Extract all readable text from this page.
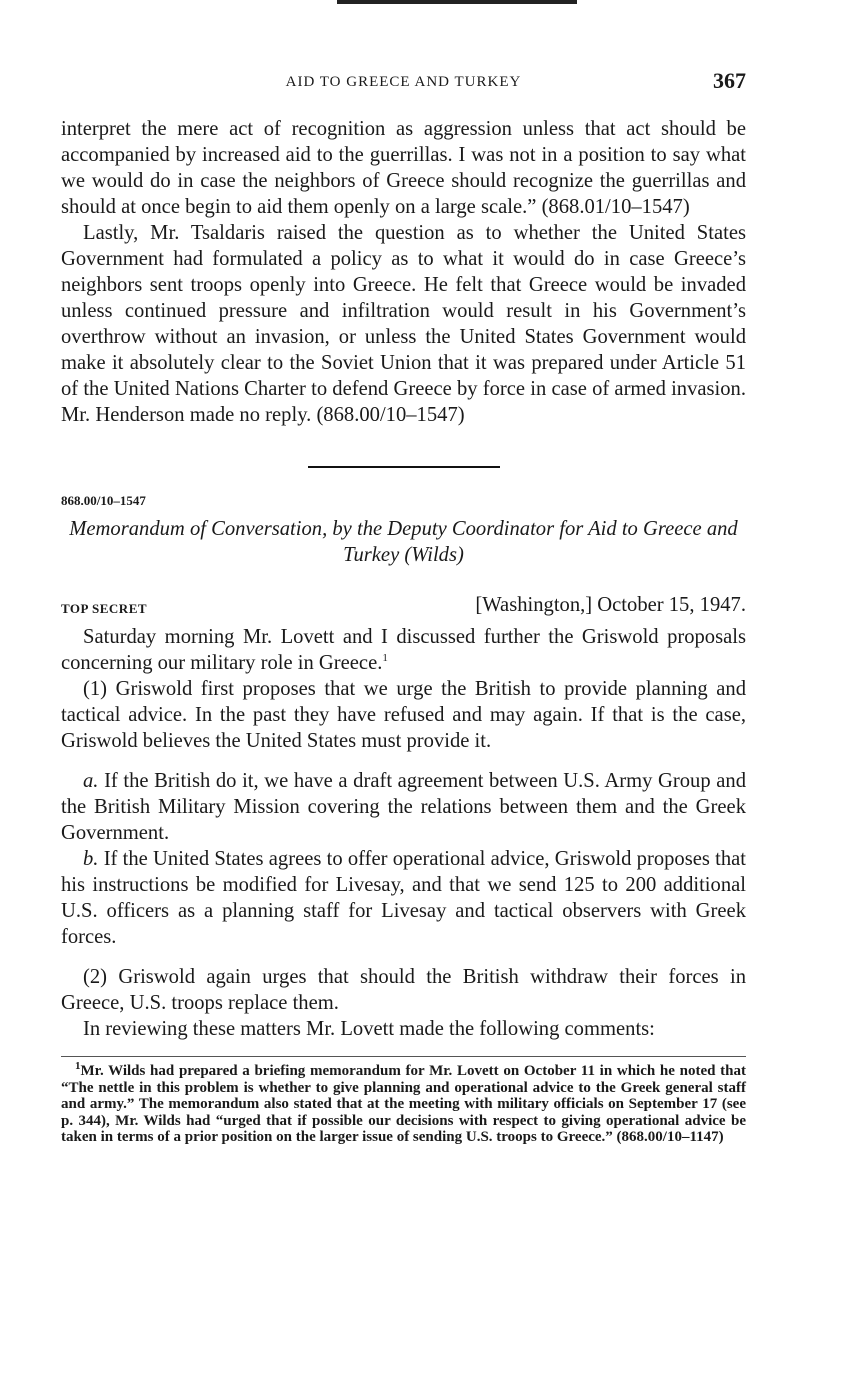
AID TO GREECE AND TURKEY	367

interpret the mere act of recognition as aggression unless that act should be accompanied by increased aid to the guerrillas. I was not in a position to say what we would do in case the neighbors of Greece should recognize the guerrillas and should at once begin to aid them openly on a large scale.” (868.01/10–1547)

Lastly, Mr. Tsaldaris raised the question as to whether the United States Government had formulated a policy as to what it would do in case Greece’s neighbors sent troops openly into Greece. He felt that Greece would be invaded unless continued pressure and infiltration would result in his Government’s overthrow without an invasion, or unless the United States Government would make it absolutely clear to the Soviet Union that it was prepared under Article 51 of the United Nations Charter to defend Greece by force in case of armed invasion. Mr. Henderson made no reply. (868.00/10–1547)

868.00/10–1547
Memorandum of Conversation, by the Deputy Coordinator for Aid to Greece and Turkey (Wilds)
TOP SECRET	[Washington,] October 15, 1947.

Saturday morning Mr. Lovett and I discussed further the Griswold proposals concerning our military role in Greece.$^1$

(1) Griswold first proposes that we urge the British to provide planning and tactical advice. In the past they have refused and may again. If that is the case, Griswold believes the United States must provide it.

a. If the British do it, we have a draft agreement between U.S. Army Group and the British Military Mission covering the relations between them and the Greek Government.

b. If the United States agrees to offer operational advice, Griswold proposes that his instructions be modified for Livesay, and that we send 125 to 200 additional U.S. officers as a planning staff for Livesay and tactical observers with Greek forces.

(2) Griswold again urges that should the British withdraw their forces in Greece, U.S. troops replace them.

In reviewing these matters Mr. Lovett made the following comments:

$^1$Mr. Wilds had prepared a briefing memorandum for Mr. Lovett on October 11 in which he noted that “The nettle in this problem is whether to give planning and operational advice to the Greek general staff and army.” The memorandum also stated that at the meeting with military officials on September 17 (see p. 344), Mr. Wilds had “urged that if possible our decisions with respect to giving operational advice be taken in terms of a prior position on the larger issue of sending U.S. troops to Greece.” (868.00/10–1147)
